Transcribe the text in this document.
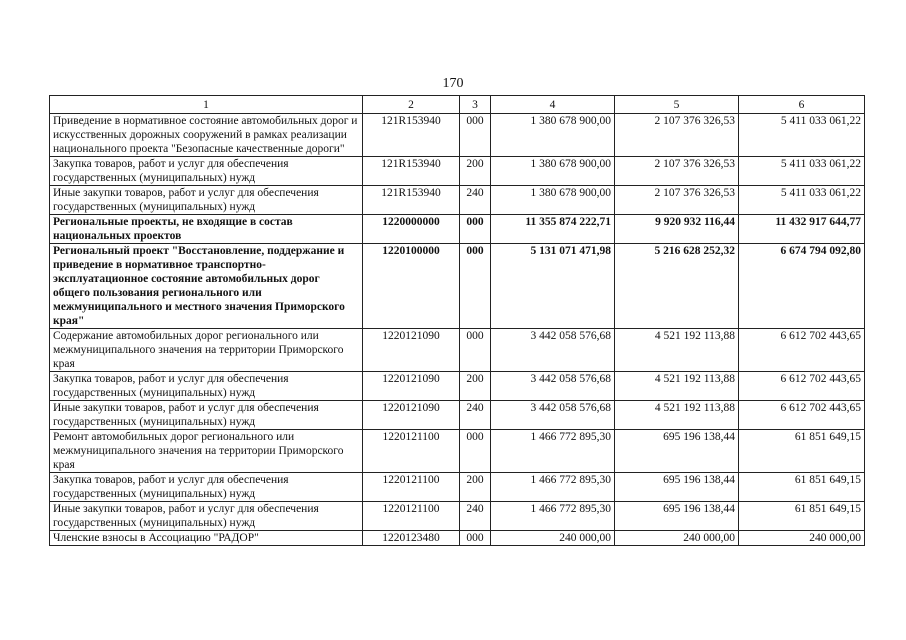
170
1	2	3	4	5	6
Приведение в нормативное состояние автомобильных дорог и искусственных дорожных сооружений в рамках реализации национального проекта "Безопасные качественные дороги"	121R153940	000	1 380 678 900,00	2 107 376 326,53	5 411 033 061,22
Закупка товаров, работ и услуг для обеспечения государственных (муниципальных) нужд	121R153940	200	1 380 678 900,00	2 107 376 326,53	5 411 033 061,22
Иные закупки товаров, работ и услуг для обеспечения государственных (муниципальных) нужд	121R153940	240	1 380 678 900,00	2 107 376 326,53	5 411 033 061,22
Региональные проекты, не входящие в состав национальных проектов	1220000000	000	11 355 874 222,71	9 920 932 116,44	11 432 917 644,77
Региональный проект "Восстановление, поддержание и приведение в нормативное транспортно-эксплуатационное состояние автомобильных дорог общего пользования регионального или межмуниципального и местного значения Приморского края"	1220100000	000	5 131 071 471,98	5 216 628 252,32	6 674 794 092,80
Содержание автомобильных дорог регионального или межмуниципального значения на территории Приморского края	1220121090	000	3 442 058 576,68	4 521 192 113,88	6 612 702 443,65
Закупка товаров, работ и услуг для обеспечения государственных (муниципальных) нужд	1220121090	200	3 442 058 576,68	4 521 192 113,88	6 612 702 443,65
Иные закупки товаров, работ и услуг для обеспечения государственных (муниципальных) нужд	1220121090	240	3 442 058 576,68	4 521 192 113,88	6 612 702 443,65
Ремонт автомобильных дорог регионального или межмуниципального значения на территории Приморского края	1220121100	000	1 466 772 895,30	695 196 138,44	61 851 649,15
Закупка товаров, работ и услуг для обеспечения государственных (муниципальных) нужд	1220121100	200	1 466 772 895,30	695 196 138,44	61 851 649,15
Иные закупки товаров, работ и услуг для обеспечения государственных (муниципальных) нужд	1220121100	240	1 466 772 895,30	695 196 138,44	61 851 649,15
Членские взносы в Ассоциацию "РАДОР"	1220123480	000	240 000,00	240 000,00	240 000,00
